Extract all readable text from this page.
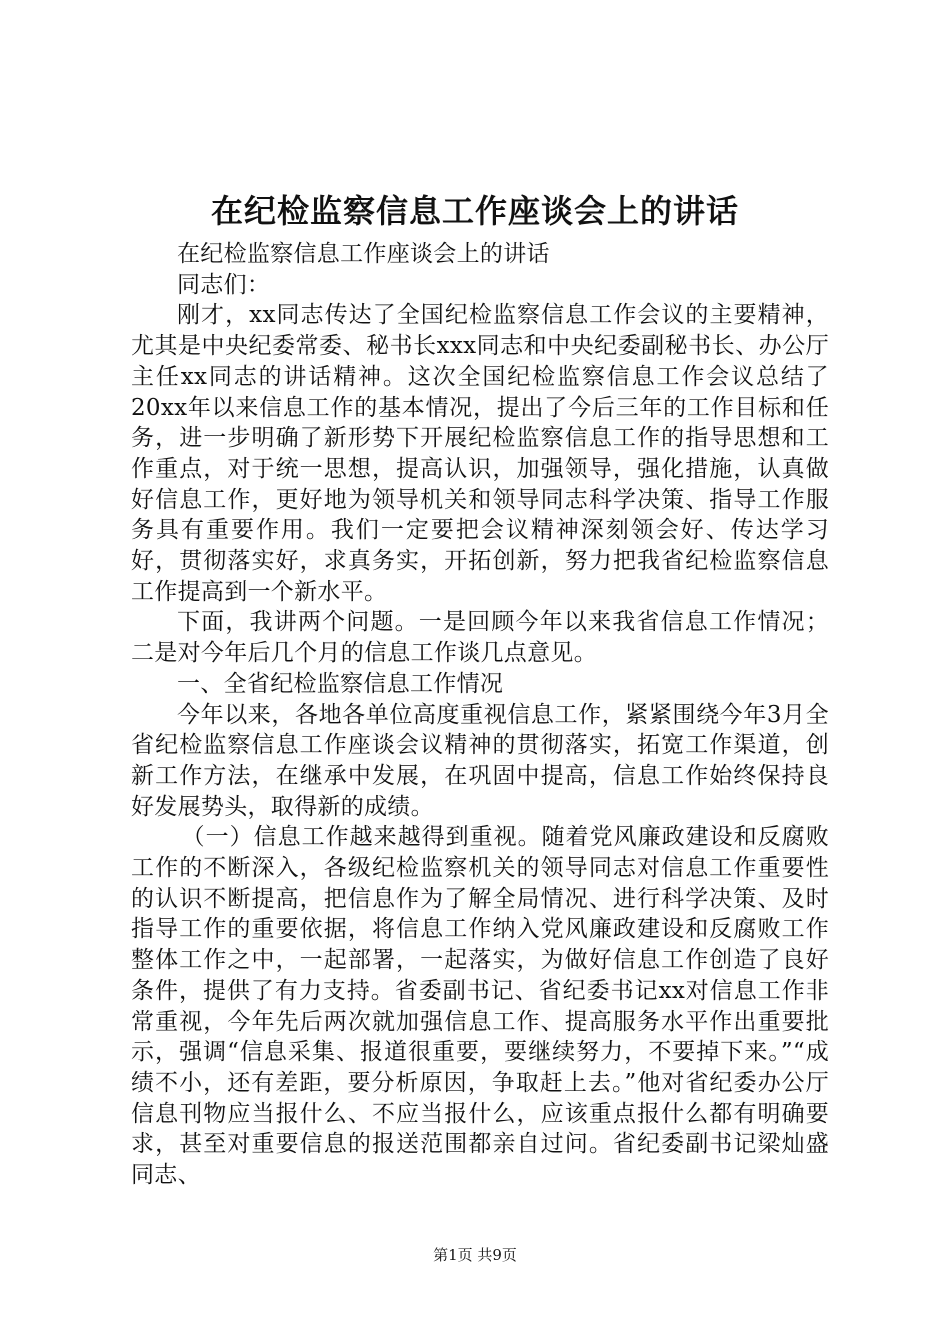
在纪检监察信息工作座谈会上的讲话

在纪检监察信息工作座谈会上的讲话

同志们：

刚才，xx同志传达了全国纪检监察信息工作会议的主要精神，尤其是中央纪委常委、秘书长xxx同志和中央纪委副秘书长、办公厅主任xx同志的讲话精神。这次全国纪检监察信息工作会议总结了20xx年以来信息工作的基本情况，提出了今后三年的工作目标和任务，进一步明确了新形势下开展纪检监察信息工作的指导思想和工作重点，对于统一思想，提高认识，加强领导，强化措施，认真做好信息工作，更好地为领导机关和领导同志科学决策、指导工作服务具有重要作用。我们一定要把会议精神深刻领会好、传达学习好，贯彻落实好，求真务实，开拓创新，努力把我省纪检监察信息工作提高到一个新水平。

下面，我讲两个问题。一是回顾今年以来我省信息工作情况；二是对今年后几个月的信息工作谈几点意见。

一、全省纪检监察信息工作情况

今年以来，各地各单位高度重视信息工作，紧紧围绕今年3月全省纪检监察信息工作座谈会议精神的贯彻落实，拓宽工作渠道，创新工作方法，在继承中发展，在巩固中提高，信息工作始终保持良好发展势头，取得新的成绩。

（一）信息工作越来越得到重视。随着党风廉政建设和反腐败工作的不断深入，各级纪检监察机关的领导同志对信息工作重要性的认识不断提高，把信息作为了解全局情况、进行科学决策、及时指导工作的重要依据，将信息工作纳入党风廉政建设和反腐败工作整体工作之中，一起部署，一起落实，为做好信息工作创造了良好条件，提供了有力支持。省委副书记、省纪委书记xx对信息工作非常重视，今年先后两次就加强信息工作、提高服务水平作出重要批示，强调“信息采集、报道很重要，要继续努力，不要掉下来。”“成绩不小，还有差距，要分析原因，争取赶上去。”他对省纪委办公厅信息刊物应当报什么、不应当报什么，应该重点报什么都有明确要求，甚至对重要信息的报送范围都亲自过问。省纪委副书记梁灿盛同志、

第1页 共9页
